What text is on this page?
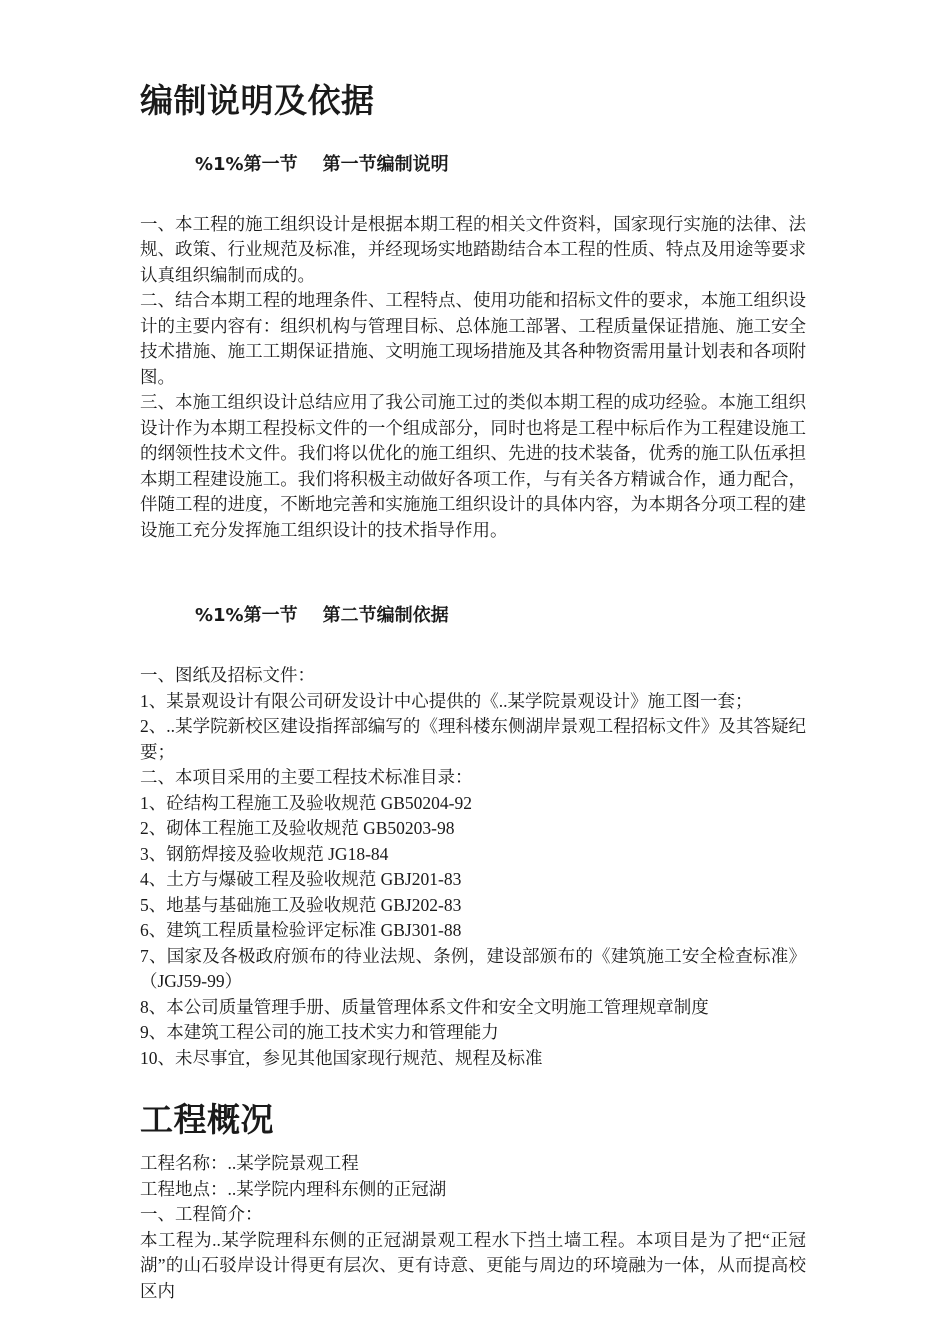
编制说明及依据
%1%第一节    第一节编制说明

一、本工程的施工组织设计是根据本期工程的相关文件资料，国家现行实施的法律、法规、政策、行业规范及标准，并经现场实地踏勘结合本工程的性质、特点及用途等要求认真组织编制而成的。

二、结合本期工程的地理条件、工程特点、使用功能和招标文件的要求，本施工组织设计的主要内容有：组织机构与管理目标、总体施工部署、工程质量保证措施、施工安全技术措施、施工工期保证措施、文明施工现场措施及其各种物资需用量计划表和各项附图。

三、本施工组织设计总结应用了我公司施工过的类似本期工程的成功经验。本施工组织设计作为本期工程投标文件的一个组成部分，同时也将是工程中标后作为工程建设施工的纲领性技术文件。我们将以优化的施工组织、先进的技术装备，优秀的施工队伍承担本期工程建设施工。我们将积极主动做好各项工作，与有关各方精诚合作，通力配合，伴随工程的进度，不断地完善和实施施工组织设计的具体内容，为本期各分项工程的建设施工充分发挥施工组织设计的技术指导作用。

%1%第一节    第二节编制依据
一、图纸及招标文件：
1、某景观设计有限公司研发设计中心提供的《..某学院景观设计》施工图一套；
2、..某学院新校区建设指挥部编写的《理科楼东侧湖岸景观工程招标文件》及其答疑纪要；
二、本项目采用的主要工程技术标准目录：
1、砼结构工程施工及验收规范 GB50204-92
2、砌体工程施工及验收规范 GB50203-98
3、钢筋焊接及验收规范 JG18-84
4、土方与爆破工程及验收规范 GBJ201-83
5、地基与基础施工及验收规范 GBJ202-83
6、建筑工程质量检验评定标准 GBJ301-88
7、国家及各极政府颁布的待业法规、条例，建设部颁布的《建筑施工安全检查标准》（JGJ59-99）
8、本公司质量管理手册、质量管理体系文件和安全文明施工管理规章制度
9、本建筑工程公司的施工技术实力和管理能力
10、未尽事宜，参见其他国家现行规范、规程及标准
工程概况
工程名称：..某学院景观工程
工程地点：..某学院内理科东侧的正冠湖
一、工程简介：

本工程为..某学院理科东侧的正冠湖景观工程水下挡土墙工程。本项目是为了把“正冠湖”的山石驳岸设计得更有层次、更有诗意、更能与周边的环境融为一体，从而提高校区内
